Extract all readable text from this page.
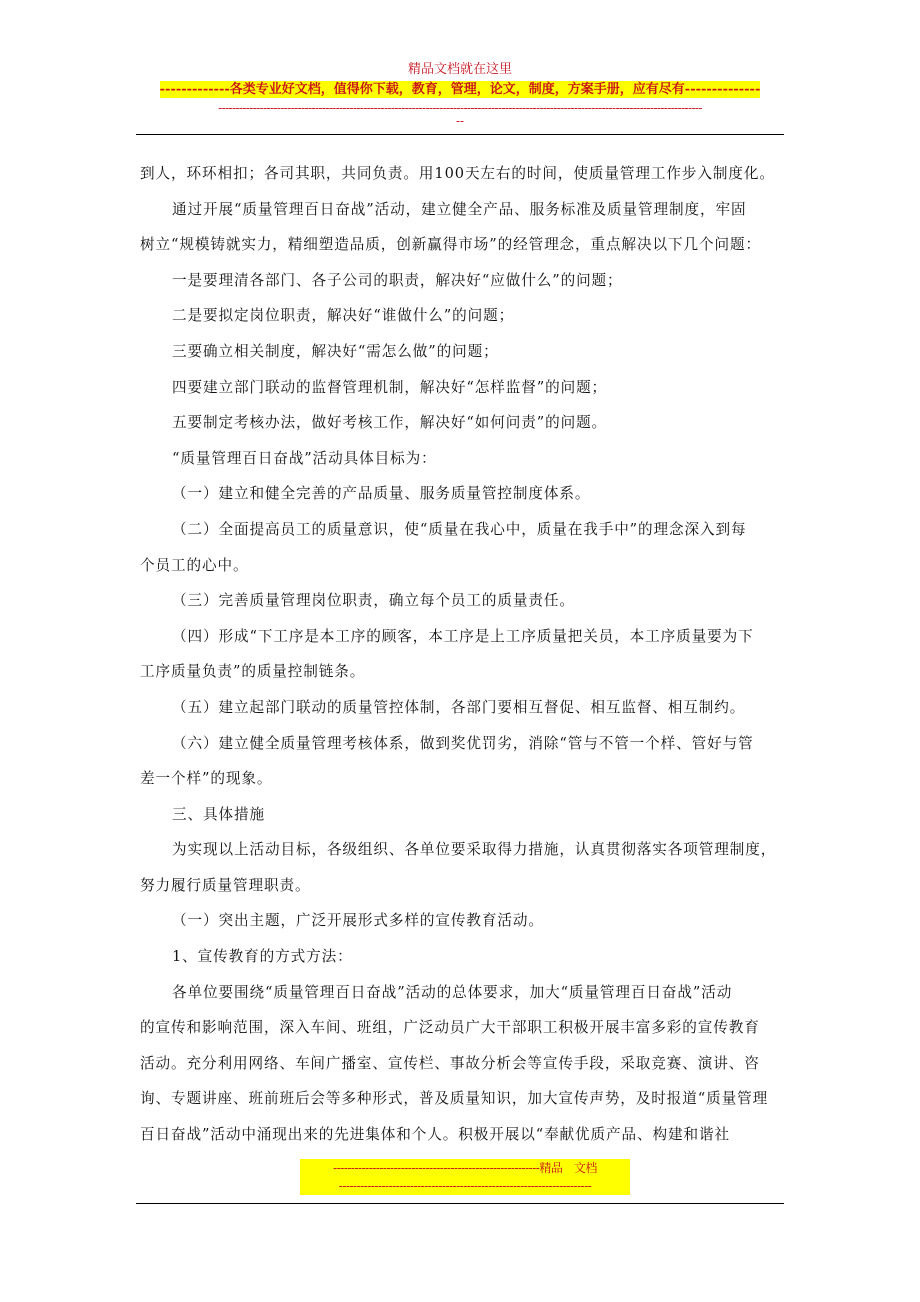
精品文档就在这里
-------------各类专业好文档，值得你下载，教育，管理，论文，制度，方案手册，应有尽有--------------
--------------------------------------------------------------------------------------------------------------------------------------------
--

到人，环环相扣；各司其职，共同负责。用100天左右的时间，使质量管理工作步入制度化。

通过开展“质量管理百日奋战”活动，建立健全产品、服务标准及质量管理制度，牢固

树立“规模铸就实力，精细塑造品质，创新赢得市场”的经管理念，重点解决以下几个问题：

一是要理清各部门、各子公司的职责，解决好“应做什么”的问题；

二是要拟定岗位职责，解决好“谁做什么”的问题；

三要确立相关制度，解决好“需怎么做”的问题；

四要建立部门联动的监督管理机制，解决好“怎样监督”的问题；

五要制定考核办法，做好考核工作，解决好“如何问责”的问题。

“质量管理百日奋战”活动具体目标为：

（一）建立和健全完善的产品质量、服务质量管控制度体系。

（二）全面提高员工的质量意识，使“质量在我心中，质量在我手中”的理念深入到每

个员工的心中。

（三）完善质量管理岗位职责，确立每个员工的质量责任。

（四）形成“下工序是本工序的顾客，本工序是上工序质量把关员，本工序质量要为下

工序质量负责”的质量控制链条。

（五）建立起部门联动的质量管控体制，各部门要相互督促、相互监督、相互制约。

（六）建立健全质量管理考核体系，做到奖优罚劣，消除“管与不管一个样、管好与管

差一个样”的现象。

三、具体措施

为实现以上活动目标，各级组织、各单位要采取得力措施，认真贯彻落实各项管理制度，

努力履行质量管理职责。

（一）突出主题，广泛开展形式多样的宣传教育活动。

1、宣传教育的方式方法：

各单位要围绕“质量管理百日奋战”活动的总体要求，加大“质量管理百日奋战”活动

的宣传和影响范围，深入车间、班组，广泛动员广大干部职工积极开展丰富多彩的宣传教育

活动。充分利用网络、车间广播室、宣传栏、事故分析会等宣传手段，采取竞赛、演讲、咨

询、专题讲座、班前班后会等多种形式，普及质量知识，加大宣传声势，及时报道“质量管理

百日奋战”活动中涌现出来的先进集体和个人。积极开展以“奉献优质产品、构建和谐社

----------------------------------------------------------精品　文档
-----------------------------------------------------------------------
